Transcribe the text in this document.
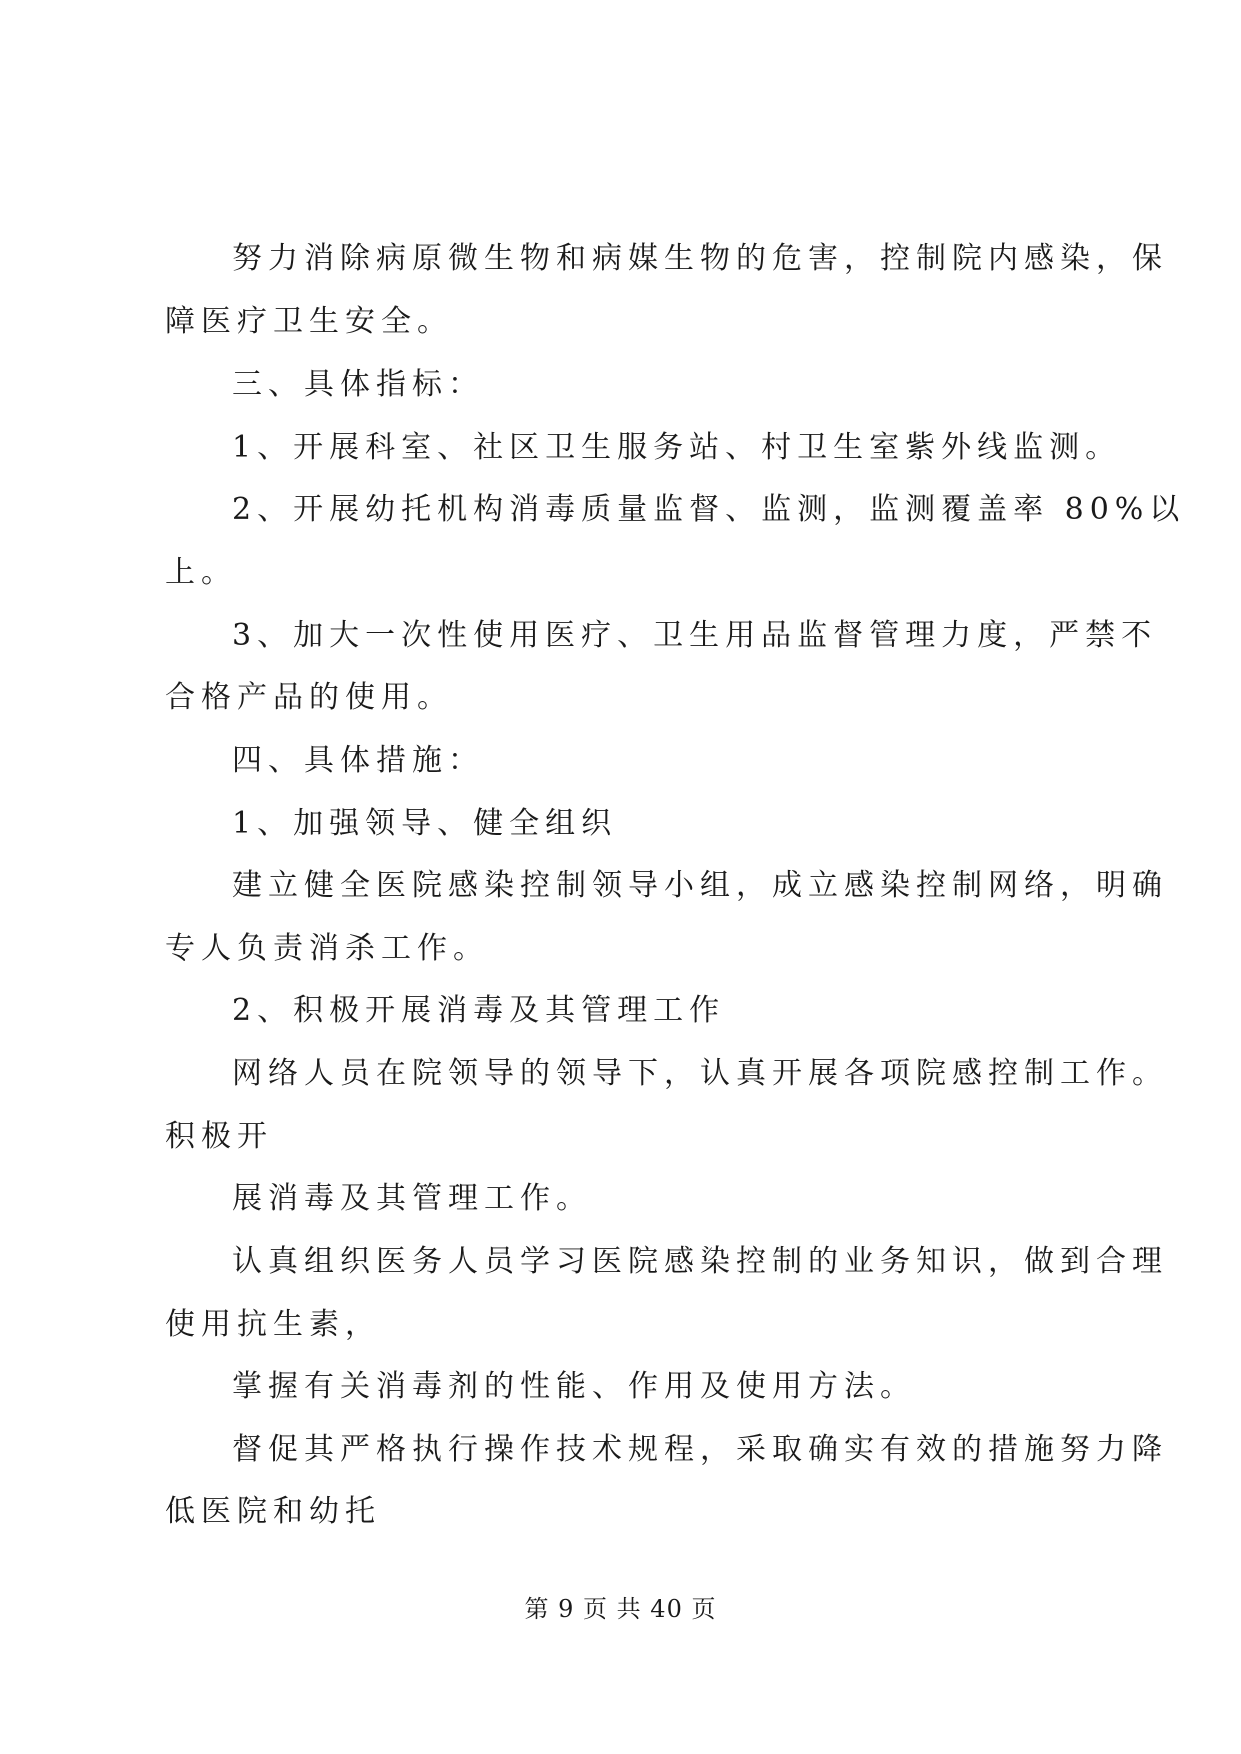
努力消除病原微生物和病媒生物的危害，控制院内感染，保
障医疗卫生安全。
三、具体指标：
1、开展科室、社区卫生服务站、村卫生室紫外线监测。
2、开展幼托机构消毒质量监督、监测，监测覆盖率 80%以
上。
3、加大一次性使用医疗、卫生用品监督管理力度，严禁不
合格产品的使用。
四、具体措施：
1、加强领导、健全组织
建立健全医院感染控制领导小组，成立感染控制网络，明确
专人负责消杀工作。
2、积极开展消毒及其管理工作
网络人员在院领导的领导下，认真开展各项院感控制工作。
积极开
展消毒及其管理工作。
认真组织医务人员学习医院感染控制的业务知识，做到合理
使用抗生素，
掌握有关消毒剂的性能、作用及使用方法。
督促其严格执行操作技术规程，采取确实有效的措施努力降
低医院和幼托
第 9 页 共 40 页
